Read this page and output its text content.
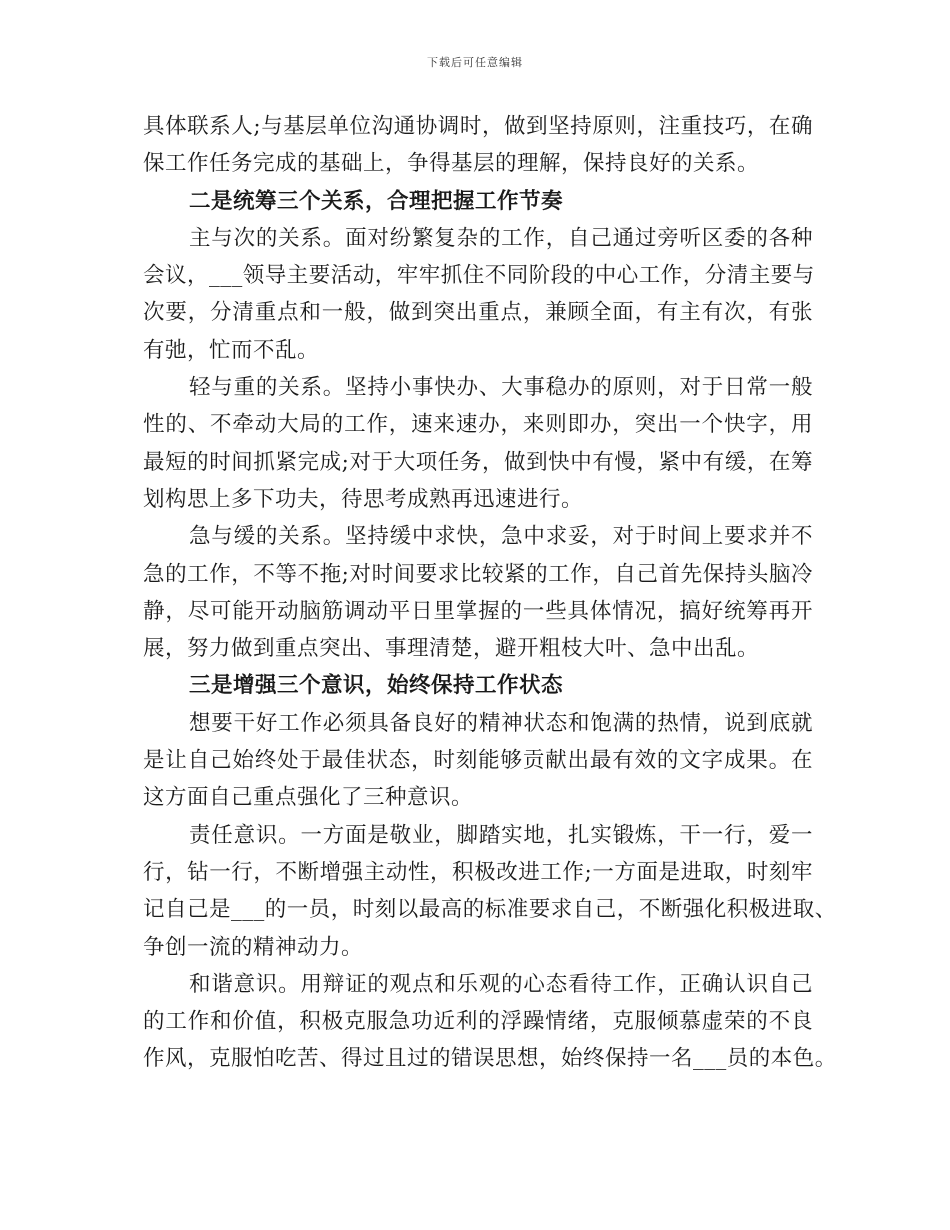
下载后可任意编辑
具体联系人;与基层单位沟通协调时，做到坚持原则，注重技巧，在确
保工作任务完成的基础上，争得基层的理解，保持良好的关系。
二是统筹三个关系，合理把握工作节奏
主与次的关系。面对纷繁复杂的工作，自己通过旁听区委的各种
会议，___领导主要活动，牢牢抓住不同阶段的中心工作，分清主要与
次要，分清重点和一般，做到突出重点，兼顾全面，有主有次，有张
有弛，忙而不乱。
轻与重的关系。坚持小事快办、大事稳办的原则，对于日常一般
性的、不牵动大局的工作，速来速办，来则即办，突出一个快字，用
最短的时间抓紧完成;对于大项任务，做到快中有慢，紧中有缓，在筹
划构思上多下功夫，待思考成熟再迅速进行。
急与缓的关系。坚持缓中求快，急中求妥，对于时间上要求并不
急的工作，不等不拖;对时间要求比较紧的工作，自己首先保持头脑冷
静，尽可能开动脑筋调动平日里掌握的一些具体情况，搞好统筹再开
展，努力做到重点突出、事理清楚，避开粗枝大叶、急中出乱。
三是增强三个意识，始终保持工作状态
想要干好工作必须具备良好的精神状态和饱满的热情，说到底就
是让自己始终处于最佳状态，时刻能够贡献出最有效的文字成果。在
这方面自己重点强化了三种意识。
责任意识。一方面是敬业，脚踏实地，扎实锻炼，干一行，爱一
行，钻一行，不断增强主动性，积极改进工作;一方面是进取，时刻牢
记自己是___的一员，时刻以最高的标准要求自己，不断强化积极进取、
争创一流的精神动力。
和谐意识。用辩证的观点和乐观的心态看待工作，正确认识自己
的工作和价值，积极克服急功近利的浮躁情绪，克服倾慕虚荣的不良
作风，克服怕吃苦、得过且过的错误思想，始终保持一名___员的本色。
